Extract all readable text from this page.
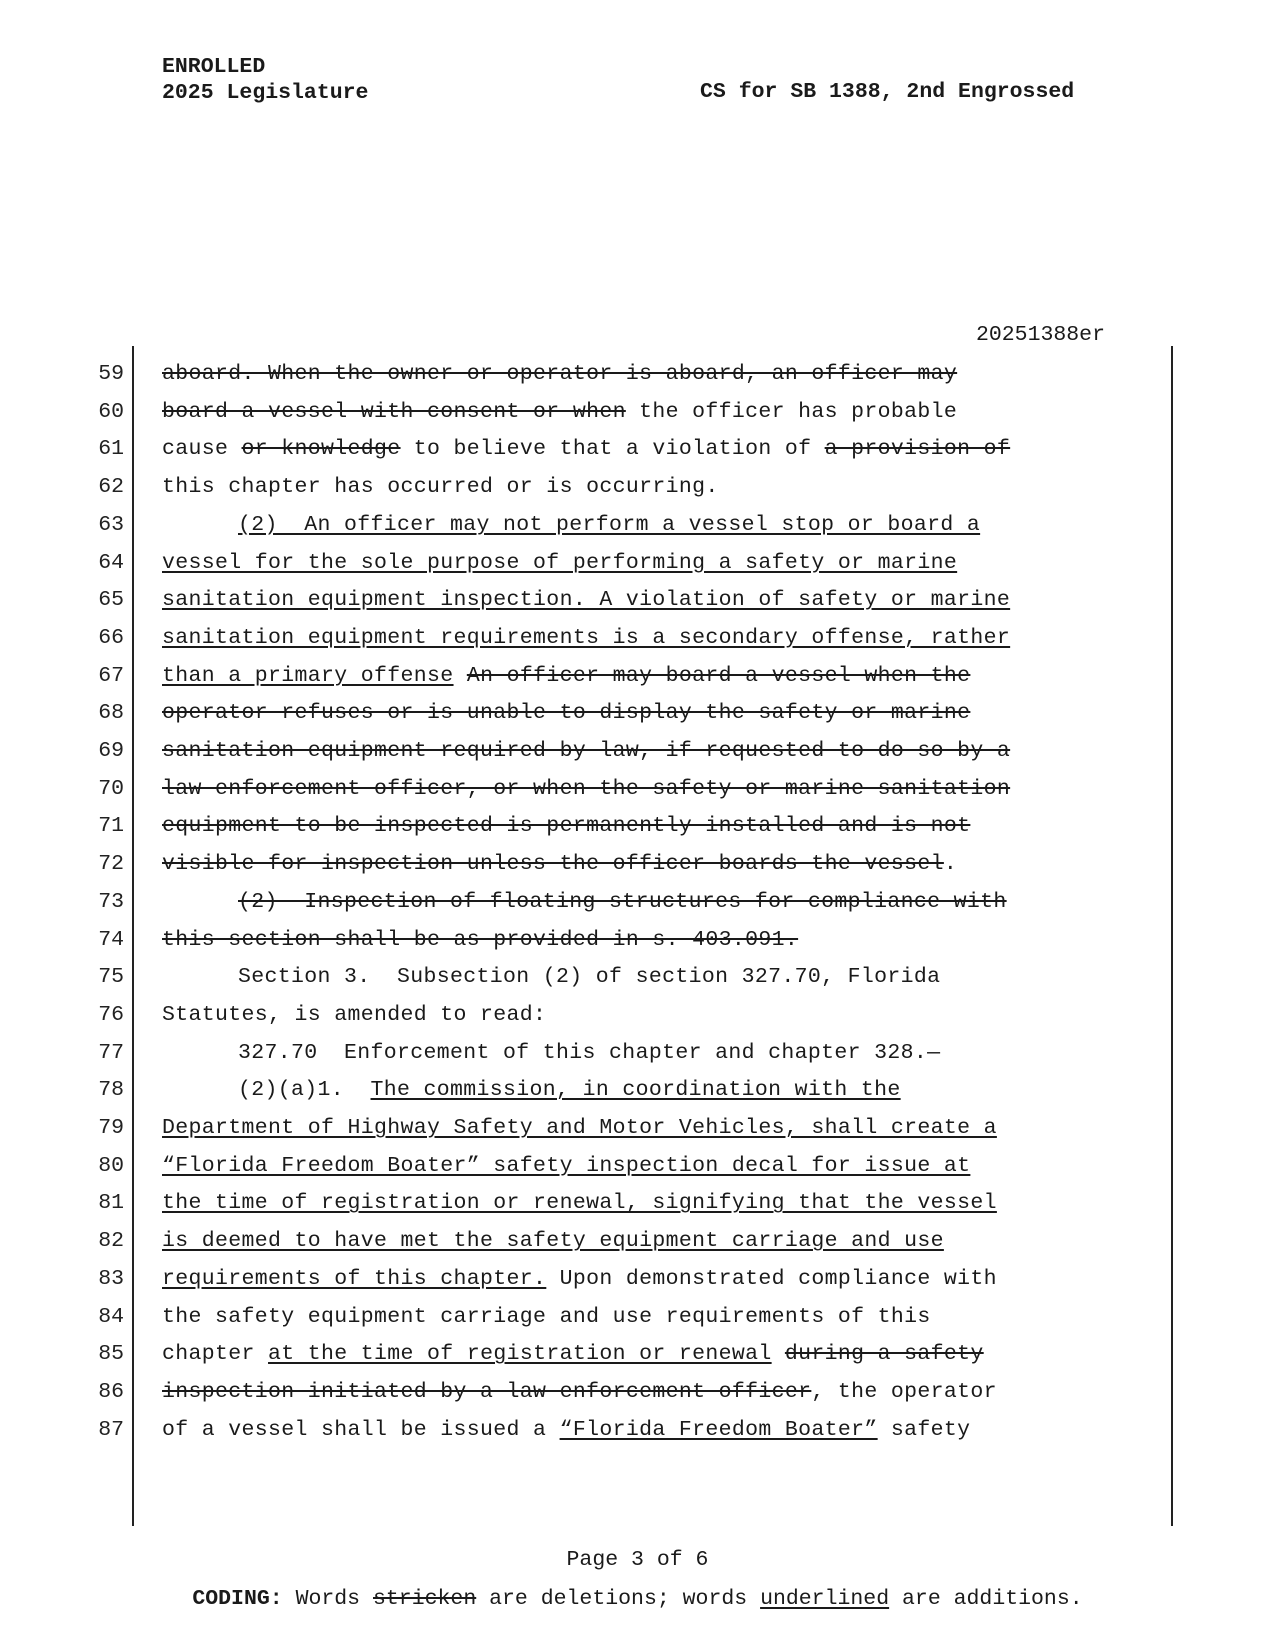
ENROLLED
2025 Legislature	CS for SB 1388, 2nd Engrossed
20251388er
59 aboard. When the owner or operator is aboard, an officer may
60 board a vessel with consent or when the officer has probable
61 cause or knowledge to believe that a violation of a provision of
62 this chapter has occurred or is occurring.
63	(2)  An officer may not perform a vessel stop or board a
64 vessel for the sole purpose of performing a safety or marine
65 sanitation equipment inspection. A violation of safety or marine
66 sanitation equipment requirements is a secondary offense, rather
67 than a primary offense An officer may board a vessel when the
68 operator refuses or is unable to display the safety or marine
69 sanitation equipment required by law, if requested to do so by a
70 law enforcement officer, or when the safety or marine sanitation
71 equipment to be inspected is permanently installed and is not
72 visible for inspection unless the officer boards the vessel.
73	(2)  Inspection of floating structures for compliance with
74 this section shall be as provided in s. 403.091.
75	Section 3.  Subsection (2) of section 327.70, Florida
76 Statutes, is amended to read:
77	327.70  Enforcement of this chapter and chapter 328.—
78	(2)(a)1.  The commission, in coordination with the
79 Department of Highway Safety and Motor Vehicles, shall create a
80 “Florida Freedom Boater” safety inspection decal for issue at
81 the time of registration or renewal, signifying that the vessel
82 is deemed to have met the safety equipment carriage and use
83 requirements of this chapter. Upon demonstrated compliance with
84 the safety equipment carriage and use requirements of this
85 chapter at the time of registration or renewal during a safety
86 inspection initiated by a law enforcement officer, the operator
87 of a vessel shall be issued a “Florida Freedom Boater” safety
Page 3 of 6
CODING: Words stricken are deletions; words underlined are additions.
